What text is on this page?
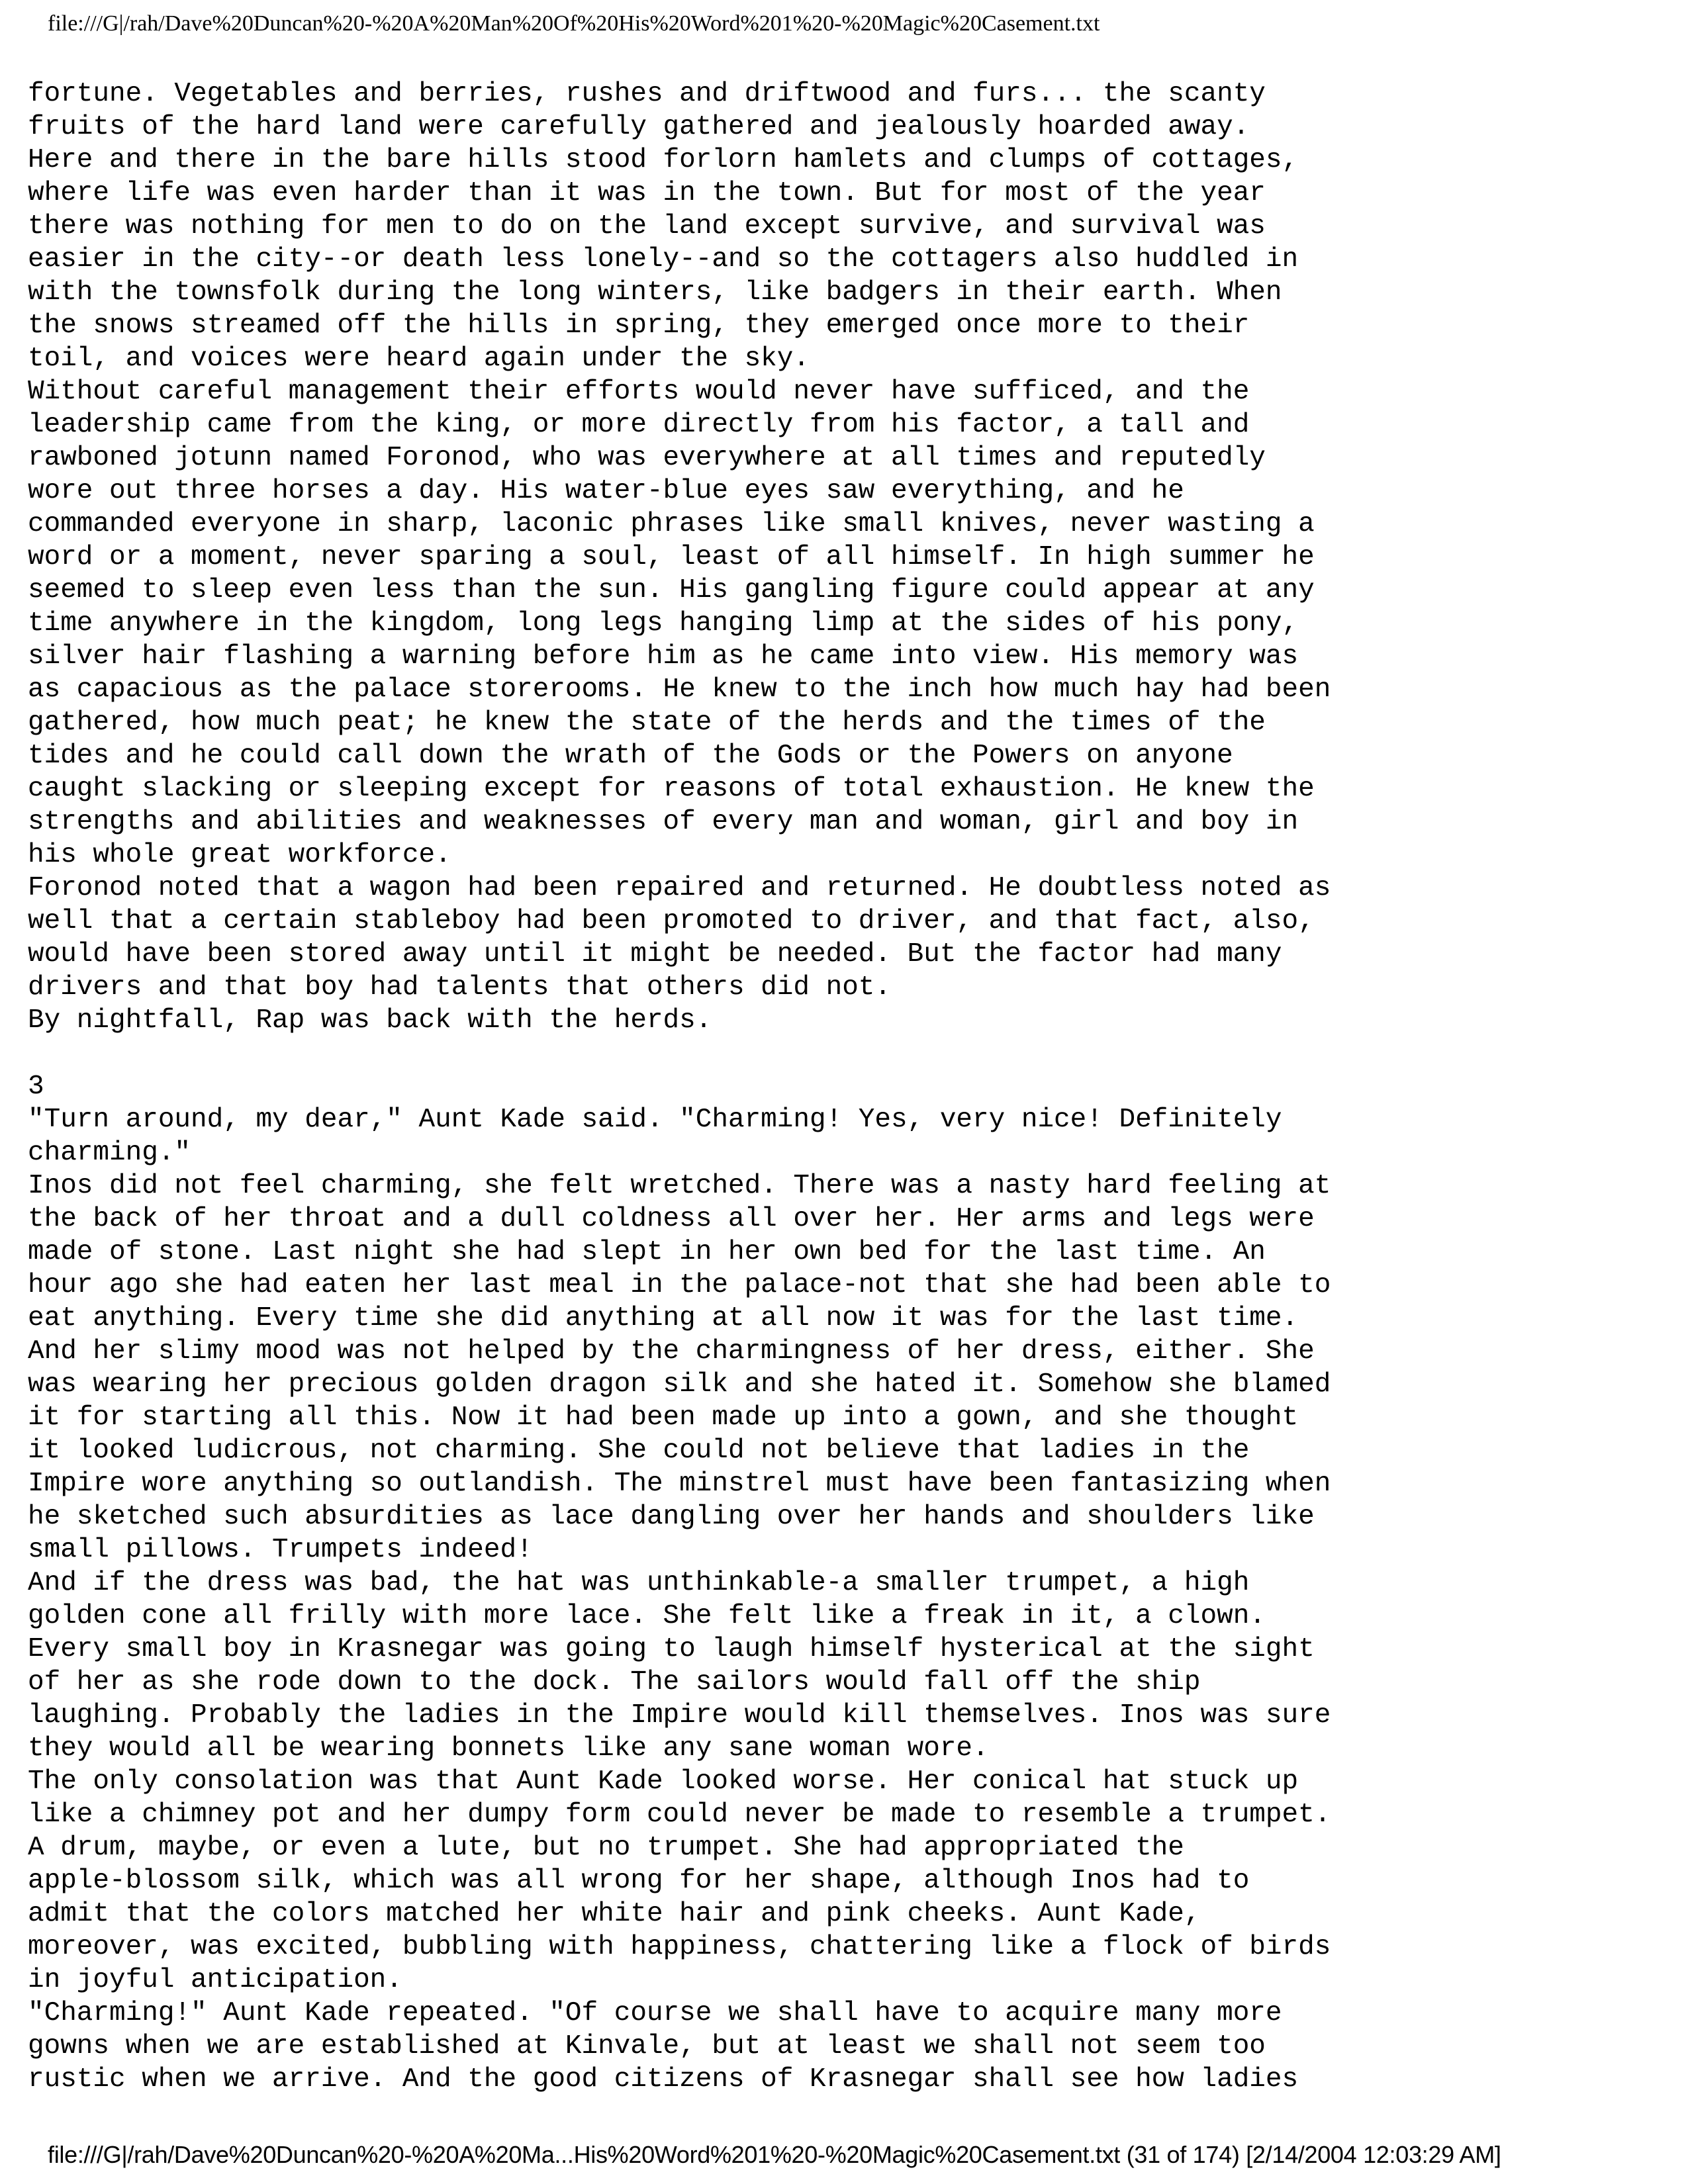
file:///G|/rah/Dave%20Duncan%20-%20A%20Man%20Of%20His%20Word%201%20-%20Magic%20Casement.txt
fortune. Vegetables and berries, rushes and driftwood and furs... the scanty
fruits of the hard land were carefully gathered and jealously hoarded away.
Here and there in the bare hills stood forlorn hamlets and clumps of cottages,
where life was even harder than it was in the town. But for most of the year
there was nothing for men to do on the land except survive, and survival was
easier in the city--or death less lonely--and so the cottagers also huddled in
with the townsfolk during the long winters, like badgers in their earth. When
the snows streamed off the hills in spring, they emerged once more to their
toil, and voices were heard again under the sky.
Without careful management their efforts would never have sufficed, and the
leadership came from the king, or more directly from his factor, a tall and
rawboned jotunn named Foronod, who was everywhere at all times and reputedly
wore out three horses a day. His water-blue eyes saw everything, and he
commanded everyone in sharp, laconic phrases like small knives, never wasting a
word or a moment, never sparing a soul, least of all himself. In high summer he
seemed to sleep even less than the sun. His gangling figure could appear at any
time anywhere in the kingdom, long legs hanging limp at the sides of his pony,
silver hair flashing a warning before him as he came into view. His memory was
as capacious as the palace storerooms. He knew to the inch how much hay had been
gathered, how much peat; he knew the state of the herds and the times of the
tides and he could call down the wrath of the Gods or the Powers on anyone
caught slacking or sleeping except for reasons of total exhaustion. He knew the
strengths and abilities and weaknesses of every man and woman, girl and boy in
his whole great workforce.
Foronod noted that a wagon had been repaired and returned. He doubtless noted as
well that a certain stableboy had been promoted to driver, and that fact, also,
would have been stored away until it might be needed. But the factor had many
drivers and that boy had talents that others did not.
By nightfall, Rap was back with the herds.
3
"Turn around, my dear," Aunt Kade said. "Charming! Yes, very nice! Definitely
charming."
Inos did not feel charming, she felt wretched. There was a nasty hard feeling at
the back of her throat and a dull coldness all over her. Her arms and legs were
made of stone. Last night she had slept in her own bed for the last time. An
hour ago she had eaten her last meal in the palace-not that she had been able to
eat anything. Every time she did anything at all now it was for the last time.
And her slimy mood was not helped by the charmingness of her dress, either. She
was wearing her precious golden dragon silk and she hated it. Somehow she blamed
it for starting all this. Now it had been made up into a gown, and she thought
it looked ludicrous, not charming. She could not believe that ladies in the
Impire wore anything so outlandish. The minstrel must have been fantasizing when
he sketched such absurdities as lace dangling over her hands and shoulders like
small pillows. Trumpets indeed!
And if the dress was bad, the hat was unthinkable-a smaller trumpet, a high
golden cone all frilly with more lace. She felt like a freak in it, a clown.
Every small boy in Krasnegar was going to laugh himself hysterical at the sight
of her as she rode down to the dock. The sailors would fall off the ship
laughing. Probably the ladies in the Impire would kill themselves. Inos was sure
they would all be wearing bonnets like any sane woman wore.
The only consolation was that Aunt Kade looked worse. Her conical hat stuck up
like a chimney pot and her dumpy form could never be made to resemble a trumpet.
A drum, maybe, or even a lute, but no trumpet. She had appropriated the
apple-blossom silk, which was all wrong for her shape, although Inos had to
admit that the colors matched her white hair and pink cheeks. Aunt Kade,
moreover, was excited, bubbling with happiness, chattering like a flock of birds
in joyful anticipation.
"Charming!" Aunt Kade repeated. "Of course we shall have to acquire many more
gowns when we are established at Kinvale, but at least we shall not seem too
rustic when we arrive. And the good citizens of Krasnegar shall see how ladies
file:///G|/rah/Dave%20Duncan%20-%20A%20Ma...His%20Word%201%20-%20Magic%20Casement.txt (31 of 174) [2/14/2004 12:03:29 AM]
